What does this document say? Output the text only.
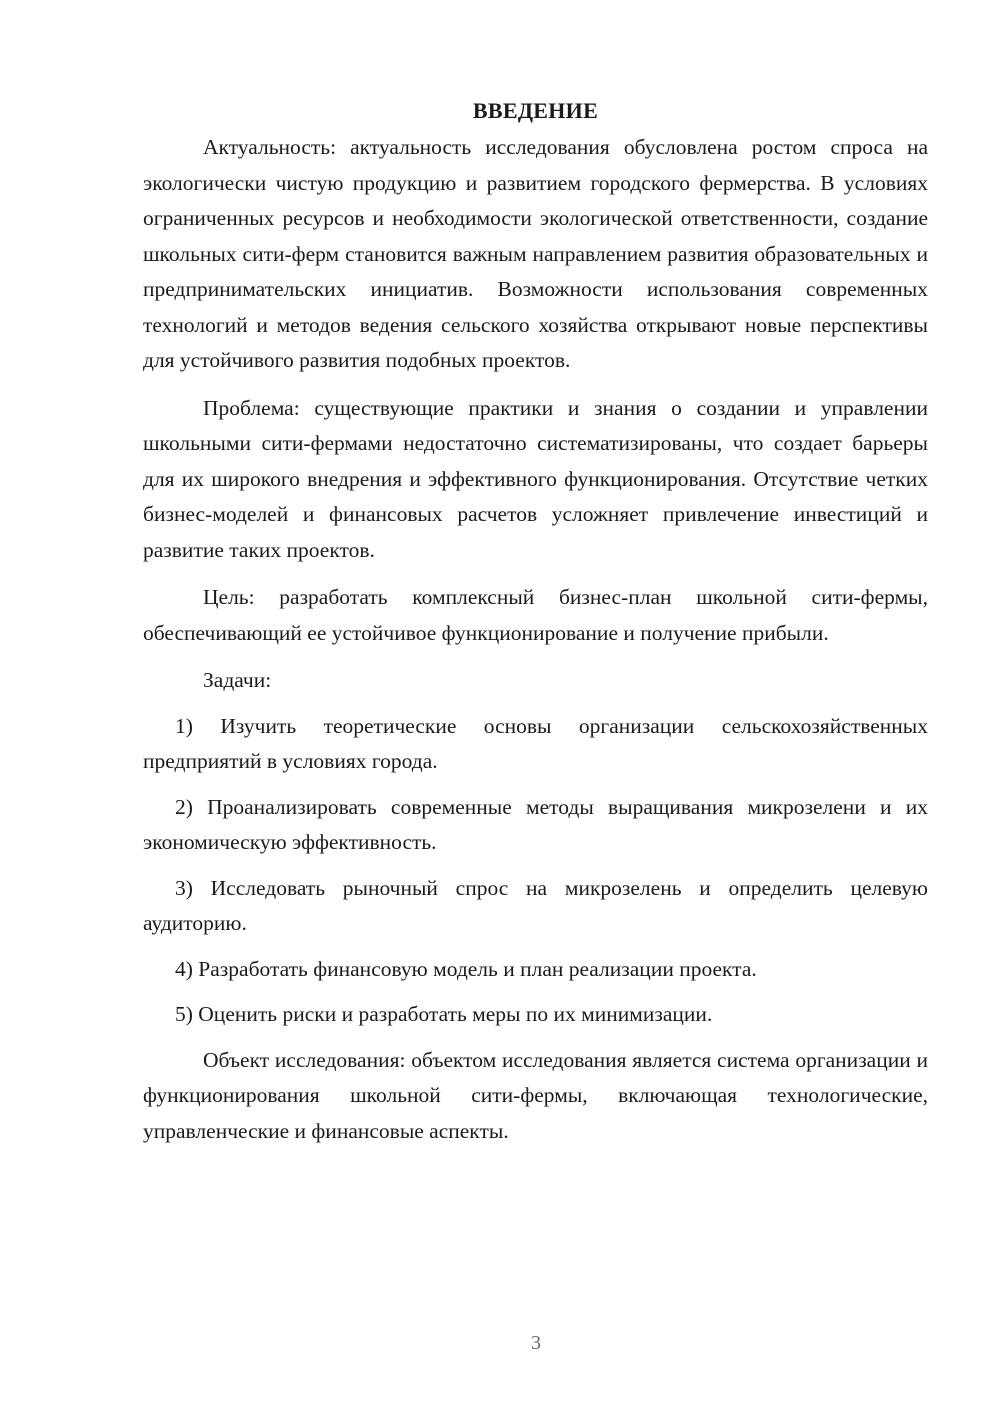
ВВЕДЕНИЕ

Актуальность: актуальность исследования обусловлена ростом спроса на экологически чистую продукцию и развитием городского фермерства. В условиях ограниченных ресурсов и необходимости экологической ответственности, создание школьных сити-ферм становится важным направлением развития образовательных и предпринимательских инициатив. Возможности использования современных технологий и методов ведения сельского хозяйства открывают новые перспективы для устойчивого развития подобных проектов.

Проблема: существующие практики и знания о создании и управлении школьными сити-фермами недостаточно систематизированы, что создает барьеры для их широкого внедрения и эффективного функционирования. Отсутствие четких бизнес-моделей и финансовых расчетов усложняет привлечение инвестиций и развитие таких проектов.

Цель: разработать комплексный бизнес-план школьной сити-фермы, обеспечивающий ее устойчивое функционирование и получение прибыли.

Задачи:

1) Изучить теоретические основы организации сельскохозяйственных предприятий в условиях города.

2) Проанализировать современные методы выращивания микрозелени и их экономическую эффективность.

3) Исследовать рыночный спрос на микрозелень и определить целевую аудиторию.

4) Разработать финансовую модель и план реализации проекта.

5) Оценить риски и разработать меры по их минимизации.

Объект исследования: объектом исследования является система организации и функционирования школьной сити-фермы, включающая технологические, управленческие и финансовые аспекты.

3
